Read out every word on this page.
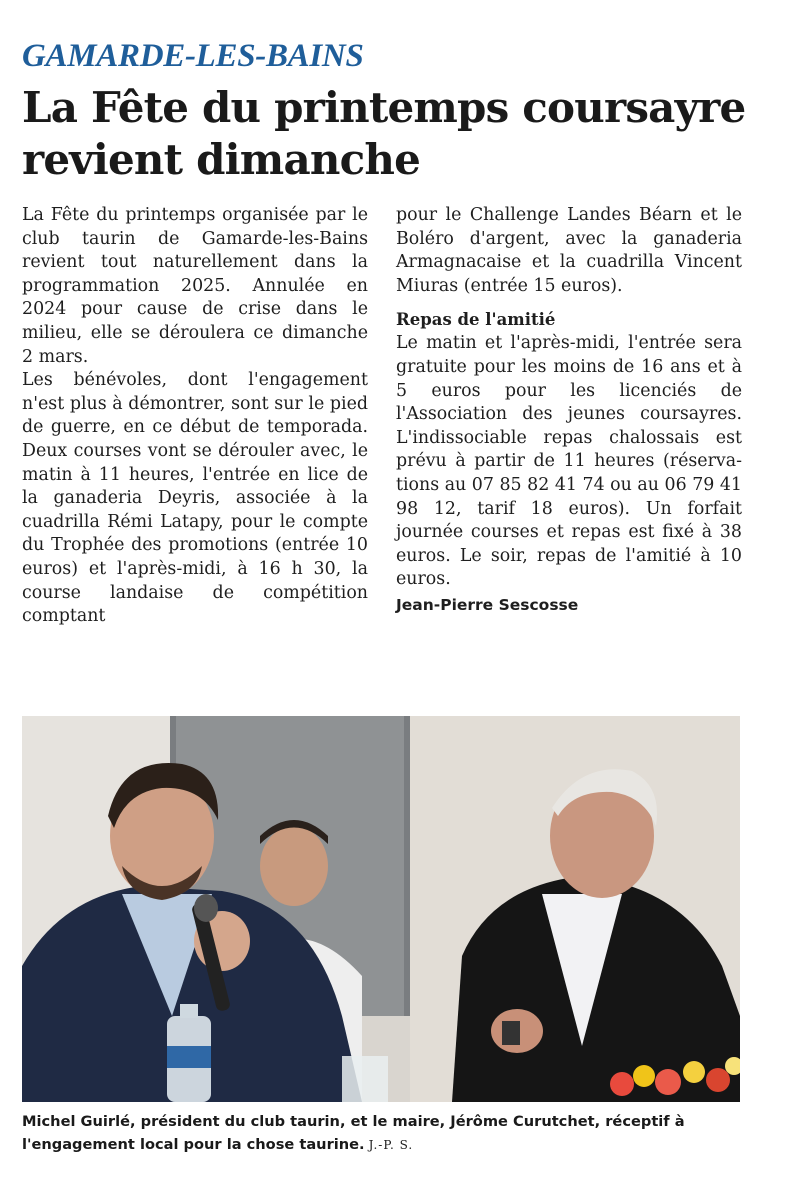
GAMARDE-LES-BAINS
La Fête du printemps coursayre revient dimanche

La Fête du printemps organisée par le club taurin de Gamarde-les-Bains revient tout naturellement dans la programmation 2025. Annulée en 2024 pour cause de crise dans le milieu, elle se déroulera ce dimanche 2 mars.

Les bénévoles, dont l'engagement n'est plus à démontrer, sont sur le pied de guerre, en ce début de temporada. Deux courses vont se dérouler avec, le matin à 11 heures, l'entrée en lice de la ganaderia Deyris, associée à la cuadrilla Rémi Latapy, pour le compte du Trophée des promotions (entrée 10 euros) et l'après-midi, à 16 h 30, la course landaise de compétition comptant

pour le Challenge Landes Béarn et le Boléro d'argent, avec la ganaderia Armagnacaise et la cuadrilla Vincent Miuras (entrée 15 euros).

Repas de l'amitié

Le matin et l'après-midi, l'entrée sera gratuite pour les moins de 16 ans et à 5 euros pour les licenciés de l'Association des jeunes coursayres. L'indissociable repas chalossais est prévu à partir de 11 heures (réservations au 07 85 82 41 74 ou au 06 79 41 98 12, tarif 18 euros). Un forfait journée courses et repas est fixé à 38 euros. Le soir, repas de l'amitié à 10 euros.

Jean-Pierre Sescosse
Michel Guirlé, président du club taurin, et le maire, Jérôme Curutchet, réceptif à l'engagement local pour la chose taurine. J.-P. S.
